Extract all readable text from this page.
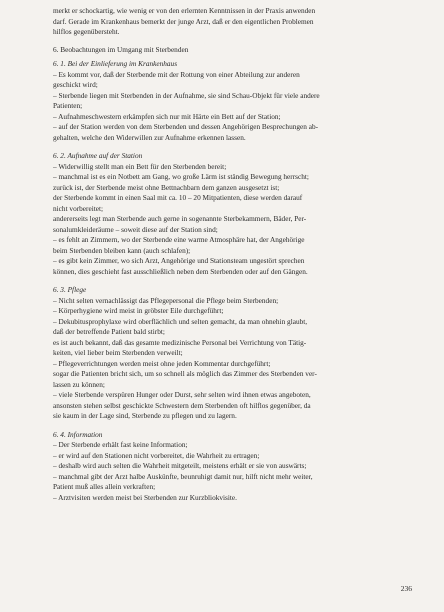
merkt er schockartig, wie wenig er von den erlernten Kenntnissen in der Praxis anwenden

darf. Gerade im Krankenhaus bemerkt der junge Arzt, daß er den eigentlichen Problemen

hilflos gegenübersteht.

6. Beobachtungen im Umgang mit Sterbenden

6. 1. Bei der Einlieferung im Krankenhaus

– Es kommt vor, daß der Sterbende mit der Rottung von einer Abteilung zur anderen

geschickt wird;

– Sterbende liegen mit Sterbenden in der Aufnahme, sie sind Schau-Objekt für viele andere

Patienten;

– Aufnahmeschwestern erkämpfen sich nur mit Härte ein Bett auf der Station;

– auf der Station werden von dem Sterbenden und dessen Angehörigen Besprechungen ab-

gehalten, welche den Widerwillen zur Aufnahme erkennen lassen.

6. 2. Aufnahme auf der Station

– Widerwillig stellt man ein Bett für den Sterbenden bereit;

– manchmal ist es ein Notbett am Gang, wo große Lärm ist ständig Bewegung herrscht;

zurück ist, der Sterbende meist ohne Bettnachbarn dem ganzen ausgesetzt ist;

der Sterbende kommt in einen Saal mit ca. 10 – 20 Mitpatienten, diese werden darauf

nicht vorbereitet;

andererseits legt man Sterbende auch gerne in sogenannte Sterbekammern, Bäder, Per-

sonalumkleideräume – soweit diese auf der Station sind;

– es fehlt an Zimmern, wo der Sterbende eine warme Atmosphäre hat, der Angehörige

beim Sterbenden bleiben kann (auch schlafen);

– es gibt kein Zimmer, wo sich Arzt, Angehörige und Stationsteam ungestört sprechen

können, dies geschieht fast ausschließlich neben dem Sterbenden oder auf den Gängen.

6. 3. Pflege

– Nicht selten vernachlässigt das Pflegepersonal die Pflege beim Sterbenden;

– Körperhygiene wird meist in gröbster Eile durchgeführt;

– Dekubitusprophylaxe wird oberflächlich und selten gemacht, da man ohnehin glaubt,

daß der betreffende Patient bald stirbt;

es ist auch bekannt, daß das gesamte medizinische Personal bei Verrichtung von Tätig-

keiten, viel lieber beim Sterbenden verweilt;

– Pflegeverrichtungen werden meist ohne jeden Kommentar durchgeführt;

sogar die Patienten bricht sich, um so schnell als möglich das Zimmer des Sterbenden ver-

lassen zu können;

– viele Sterbende verspüren Hunger oder Durst, sehr selten wird ihnen etwas angeboten,

ansonsten stehen selbst geschickte Schwestern dem Sterbenden oft hilflos gegenüber, da

sie kaum in der Lage sind, Sterbende zu pflegen und zu lagern.

6. 4. Information

– Der Sterbende erhält fast keine Information;

– er wird auf den Stationen nicht vorbereitet, die Wahrheit zu ertragen;

– deshalb wird auch selten die Wahrheit mitgeteilt, meistens erhält er sie von auswärts;

– manchmal gibt der Arzt halbe Auskünfte, beunruhigt damit nur, hilft nicht mehr weiter,

Patient muß alles allein verkraften;

– Arztvisiten werden meist bei Sterbenden zur Kurzbliokvisite.

236
